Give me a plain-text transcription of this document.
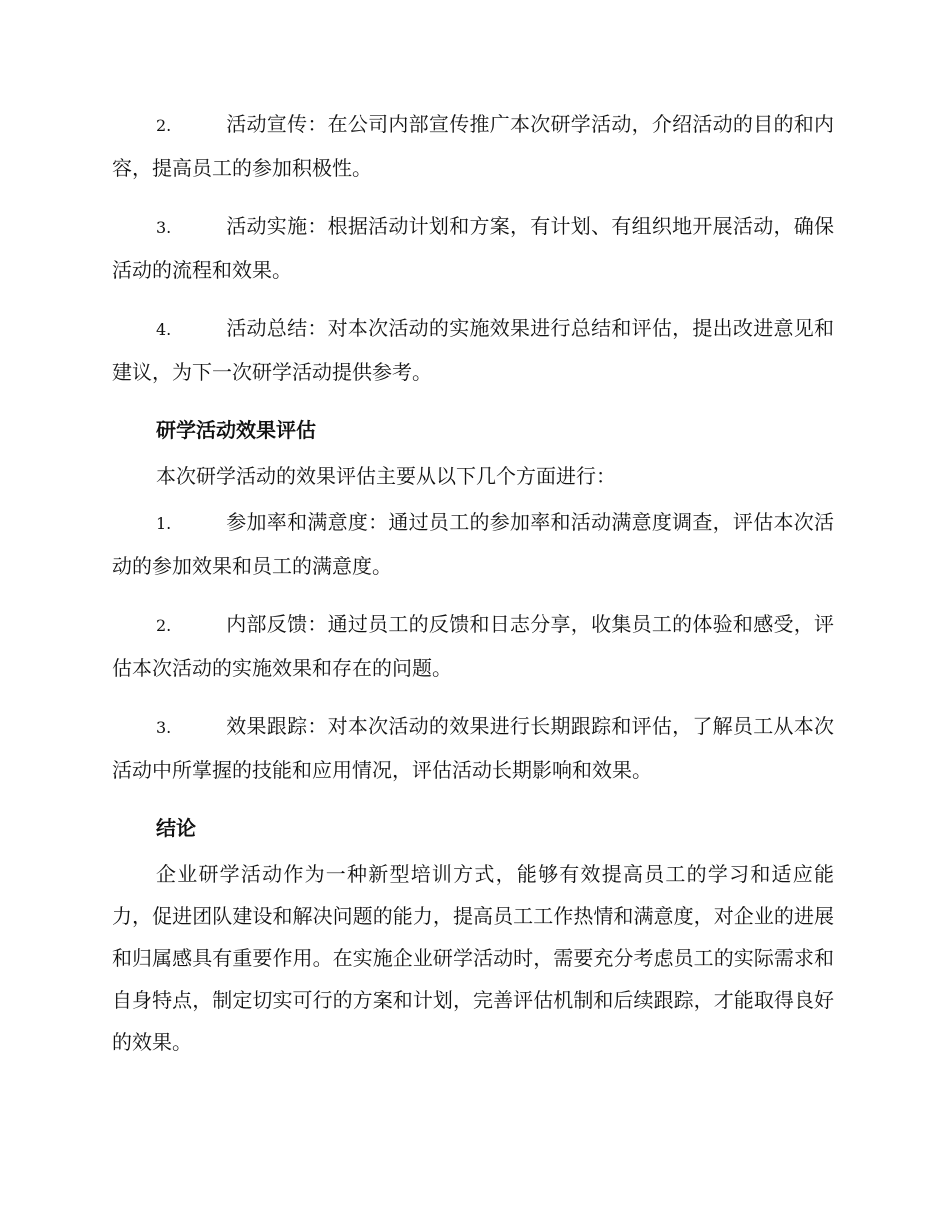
2.	活动宣传：在公司内部宣传推广本次研学活动，介绍活动的目的和内容，提高员工的参加积极性。

3.	活动实施：根据活动计划和方案，有计划、有组织地开展活动，确保活动的流程和效果。

4.	活动总结：对本次活动的实施效果进行总结和评估，提出改进意见和建议，为下一次研学活动提供参考。

研学活动效果评估

本次研学活动的效果评估主要从以下几个方面进行：

1.	参加率和满意度：通过员工的参加率和活动满意度调查，评估本次活动的参加效果和员工的满意度。

2.	内部反馈：通过员工的反馈和日志分享，收集员工的体验和感受，评估本次活动的实施效果和存在的问题。

3.	效果跟踪：对本次活动的效果进行长期跟踪和评估，了解员工从本次活动中所掌握的技能和应用情况，评估活动长期影响和效果。

结论

企业研学活动作为一种新型培训方式，能够有效提高员工的学习和适应能力，促进团队建设和解决问题的能力，提高员工工作热情和满意度，对企业的进展和归属感具有重要作用。在实施企业研学活动时，需要充分考虑员工的实际需求和自身特点，制定切实可行的方案和计划，完善评估机制和后续跟踪，才能取得良好的效果。
